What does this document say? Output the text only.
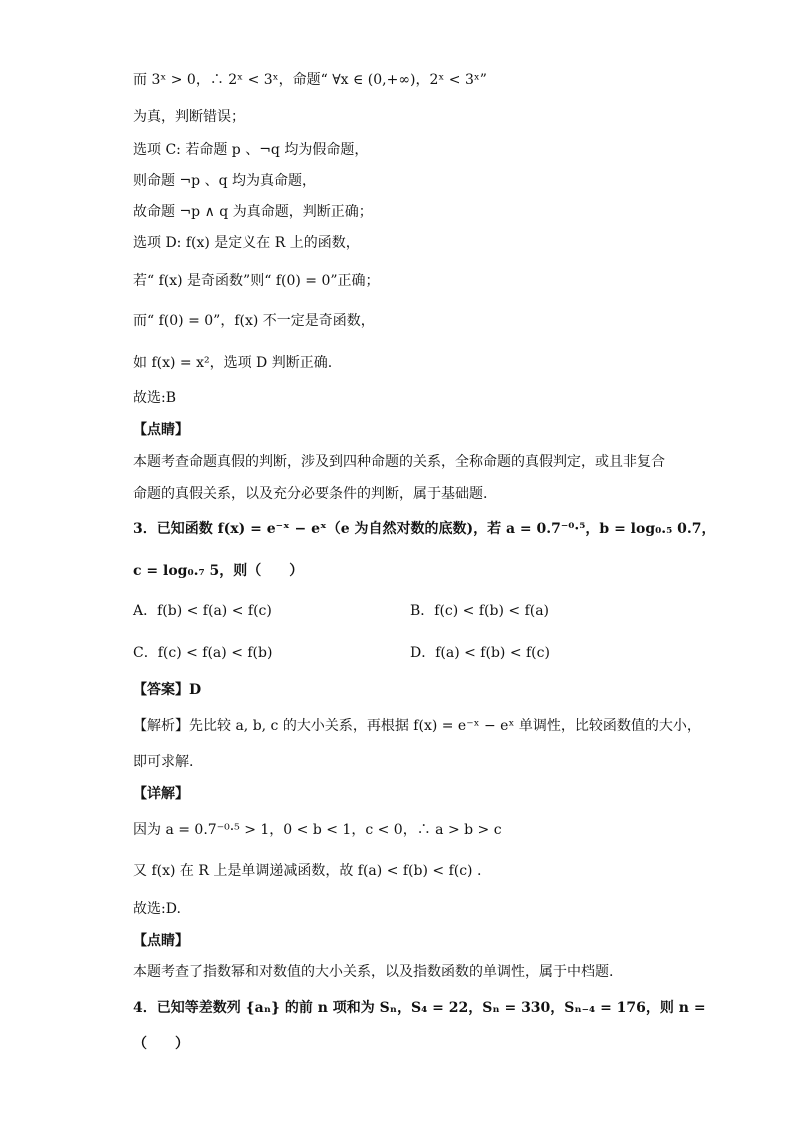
而 3ˣ > 0，∴ 2ˣ < 3ˣ，命题“ ∀x ∈ (0,+∞)，2ˣ < 3ˣ”
为真，判断错误；
选项 C: 若命题 p 、¬q 均为假命题，
则命题 ¬p 、q 均为真命题，
故命题 ¬p ∧ q 为真命题，判断正确；
选项 D: f(x) 是定义在 R 上的函数，
若“ f(x) 是奇函数”则“ f(0) = 0”正确；
而“ f(0) = 0”，f(x) 不一定是奇函数，
如 f(x) = x²，选项 D 判断正确.
故选:B
【点睛】
本题考查命题真假的判断，涉及到四种命题的关系，全称命题的真假判定，或且非复合
命题的真假关系，以及充分必要条件的判断，属于基础题.
3．已知函数 f(x) = e⁻ˣ − eˣ（e 为自然对数的底数)，若 a = 0.7⁻⁰·⁵，b = log₀.₅ 0.7，
c = log₀.₇ 5，则（　　）
A．f(b) < f(a) < f(c)	B．f(c) < f(b) < f(a)
C．f(c) < f(a) < f(b)	D．f(a) < f(b) < f(c)
【答案】D
【解析】先比较 a, b, c 的大小关系，再根据 f(x) = e⁻ˣ − eˣ 单调性，比较函数值的大小，
即可求解.
【详解】
因为 a = 0.7⁻⁰·⁵ > 1，0 < b < 1，c < 0，∴ a > b > c
又 f(x) 在 R 上是单调递减函数，故 f(a) < f(b) < f(c) .
故选:D.
【点睛】
本题考查了指数幂和对数值的大小关系，以及指数函数的单调性，属于中档题.
4．已知等差数列 {aₙ} 的前 n 项和为 Sₙ，S₄ = 22，Sₙ = 330，Sₙ₋₄ = 176，则 n =
（　　）
